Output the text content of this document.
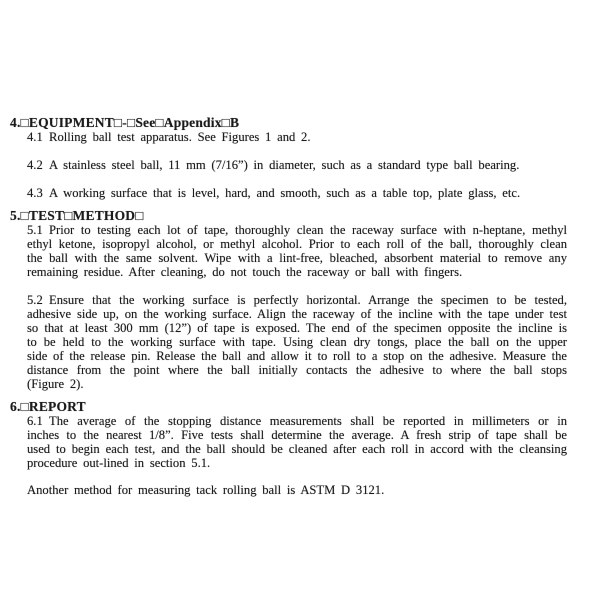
4.□EQUIPMENT□-□See□Appendix□B

4.1 Rolling ball test apparatus. See Figures 1 and 2.

4.2 A stainless steel ball, 11 mm (7/16”) in diameter, such as a standard type ball bearing.

4.3 A working surface that is level, hard, and smooth, such as a table top, plate glass, etc.

5.□TEST□METHOD□

5.1 Prior to testing each lot of tape, thoroughly clean the raceway surface with n-heptane, methyl ethyl ketone, isopropyl alcohol, or methyl alcohol. Prior to each roll of the ball, thoroughly clean the ball with the same solvent. Wipe with a lint-free, bleached, absorbent material to remove any remaining residue. After cleaning, do not touch the raceway or ball with fingers.

5.2 Ensure that the working surface is perfectly horizontal. Arrange the specimen to be tested, adhesive side up, on the working surface. Align the raceway of the incline with the tape under test so that at least 300 mm (12”) of tape is exposed. The end of the specimen opposite the incline is to be held to the working surface with tape. Using clean dry tongs, place the ball on the upper side of the release pin. Release the ball and allow it to roll to a stop on the adhesive. Measure the distance from the point where the ball initially contacts the adhesive to where the ball stops (Figure 2).

6.□REPORT

6.1 The average of the stopping distance measurements shall be reported in millimeters or in inches to the nearest 1/8”. Five tests shall determine the average. A fresh strip of tape shall be used to begin each test, and the ball should be cleaned after each roll in accord with the cleansing procedure out-lined in section 5.1.

Another method for measuring tack rolling ball is ASTM D 3121.
